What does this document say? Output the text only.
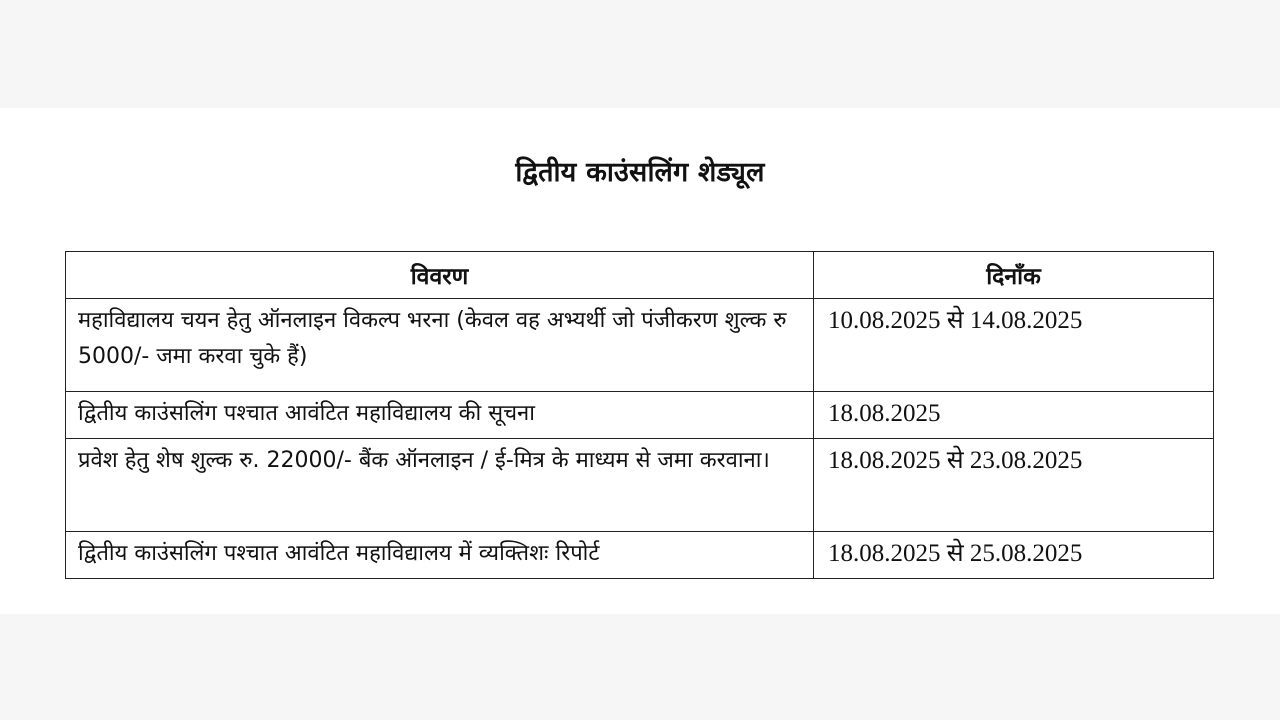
द्वितीय काउंसलिंग शेड्यूल
विवरण	दिनाँक
महाविद्यालय चयन हेतु ऑनलाइन विकल्प भरना (केवल वह अभ्यर्थी जो पंजीकरण शुल्क रु 5000/- जमा करवा चुके हैं)	10.08.2025 से 14.08.2025
द्वितीय काउंसलिंग पश्चात आवंटित महाविद्यालय की सूचना	18.08.2025
प्रवेश हेतु शेष शुल्क रु. 22000/- बैंक ऑनलाइन / ई-मित्र के माध्यम से जमा करवाना।	18.08.2025 से 23.08.2025
द्वितीय काउंसलिंग पश्चात आवंटित महाविद्यालय में व्यक्तिशः रिपोर्ट	18.08.2025 से 25.08.2025
